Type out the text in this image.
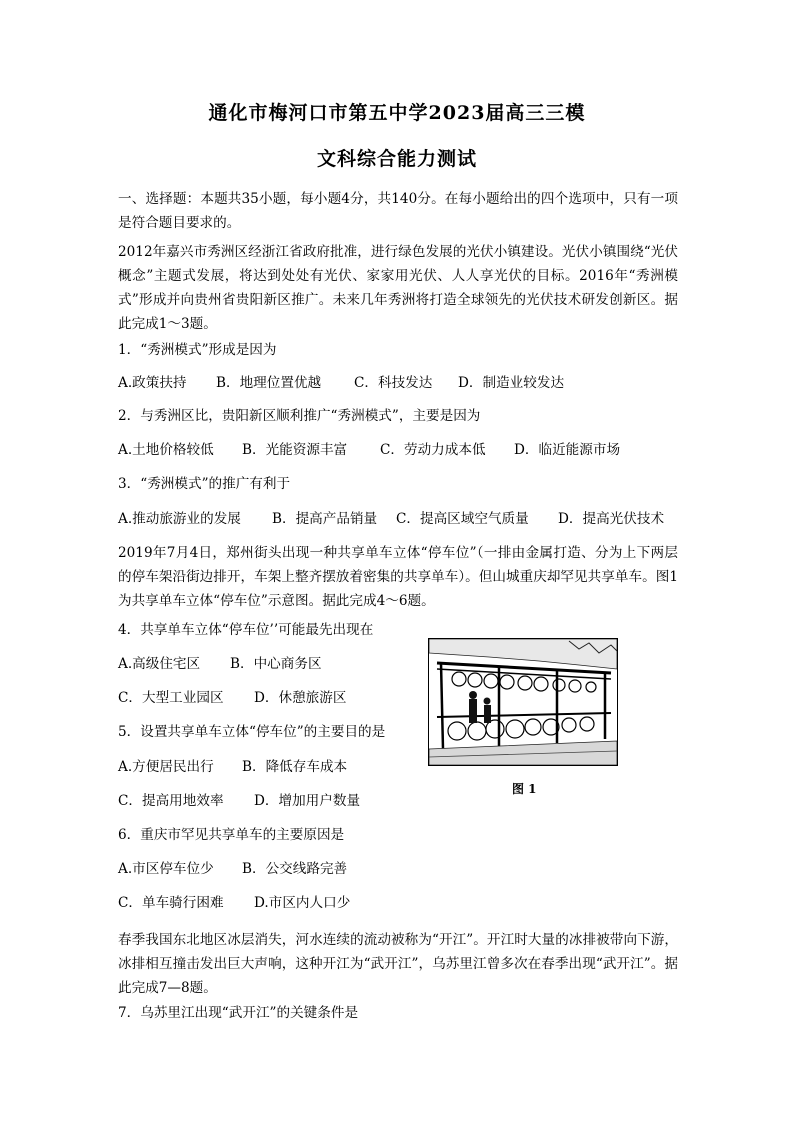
通化市梅河口市第五中学2023届高三三模
文科综合能力测试
一、选择题：本题共35小题，每小题4分，共140分。在每小题给出的四个选项中，只有一项是符合题目要求的。
2012年嘉兴市秀洲区经浙江省政府批准，进行绿色发展的光伏小镇建设。光伏小镇围绕“光伏概念”主题式发展，将达到处处有光伏、家家用光伏、人人享光伏的目标。2016年“秀洲模式”形成并向贵州省贵阳新区推广。未来几年秀洲将打造全球领先的光伏技术研发创新区。据此完成1～3题。
1．“秀洲模式”形成是因为
A.政策扶持 B．地理位置优越 C．科技发达 D．制造业较发达
2．与秀洲区比，贵阳新区顺利推广“秀洲模式”，主要是因为
A.土地价格较低 B．光能资源丰富 C．劳动力成本低 D．临近能源市场
3．“秀洲模式”的推广有利于
A.推动旅游业的发展 B．提高产品销量 C．提高区域空气质量 D．提高光伏技术
2019年7月4日，郑州街头出现一种共享单车立体“停车位”（一排由金属打造、分为上下两层的停车架沿街边排开，车架上整齐摆放着密集的共享单车）。但山城重庆却罕见共享单车。图1为共享单车立体“停车位”示意图。据此完成4～6题。
4．共享单车立体“停车位’’可能最先出现在
A.高级住宅区 B．中心商务区
C．大型工业园区 D．休憩旅游区
5．设置共享单车立体“停车位”的主要目的是
A.方便居民出行 B．降低存车成本
C．提高用地效率 D．增加用户数量
6．重庆市罕见共享单车的主要原因是
A.市区停车位少 B．公交线路完善
C．单车骑行困难 D.市区内人口少
图 1
春季我国东北地区冰层消失，河水连续的流动被称为“开江”。开江时大量的冰排被带向下游，冰排相互撞击发出巨大声响，这种开江为“武开江”，乌苏里江曾多次在春季出现“武开江”。据此完成7—8题。
7．乌苏里江出现“武开江”的关键条件是
